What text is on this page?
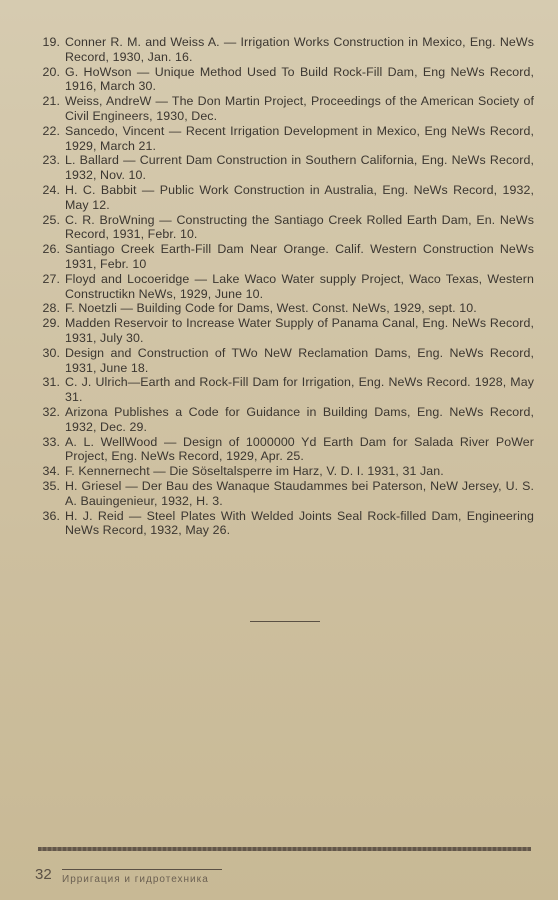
19. Conner R. M. and Weiss A. — Irrigation Works Construction in Mexico, Eng. NeWs Record, 1930, Jan. 16.
20. G. HoWson — Unique Method Used To Build Rock-Fill Dam, Eng NeWs Record, 1916, March 30.
21. Weiss, AndreW — The Don Martin Project, Proceedings of the American Society of Civil Engineers, 1930, Dec.
22. Sancedo, Vincent — Recent Irrigation Development in Mexico, Eng NeWs Record, 1929, March 21.
23. L. Ballard — Current Dam Construction in Southern California, Eng. NeWs Record, 1932, Nov. 10.
24. H. C. Babbit — Public Work Construction in Australia, Eng. NeWs Record, 1932, May 12.
25. C. R. BroWning — Constructing the Santiago Creek Rolled Earth Dam, En. NeWs Record, 1931, Febr. 10.
26. Santiago Creek Earth-Fill Dam Near Orange. Calif. Western Construction NeWs 1931, Febr. 10
27. Floyd and Locoeridge — Lake Waco Water supply Project, Waco Texas, Western Constructikn NeWs, 1929, June 10.
28. F. Noetzli — Building Code for Dams, West. Const. NeWs, 1929, sept. 10.
29. Madden Reservoir to Increase Water Supply of Panama Canal, Eng. NeWs Record, 1931, July 30.
30. Design and Construction of TWo NeW Reclamation Dams, Eng. NeWs Record, 1931, June 18.
31. C. J. Ulrich—Earth and Rock-Fill Dam for Irrigation, Eng. NeWs Record. 1928, May 31.
32. Arizona Publishes a Code for Guidance in Building Dams, Eng. NeWs Record, 1932, Dec. 29.
33. A. L. WellWood — Design of 1000000 Yd Earth Dam for Salada River PoWer Project, Eng. NeWs Record, 1929, Apr. 25.
34. F. Kennernecht — Die Söseltalsperre im Harz, V. D. I. 1931, 31 Jan.
35. H. Griesel — Der Bau des Wanaque Staudammes bei Paterson, NeW Jersey, U. S. A. Bauingenieur, 1932, H. 3.
36. H. J. Reid — Steel Plates With Welded Joints Seal Rock-filled Dam, Engineering NeWs Record, 1932, May 26.
32 Ирригация и гидротехника
